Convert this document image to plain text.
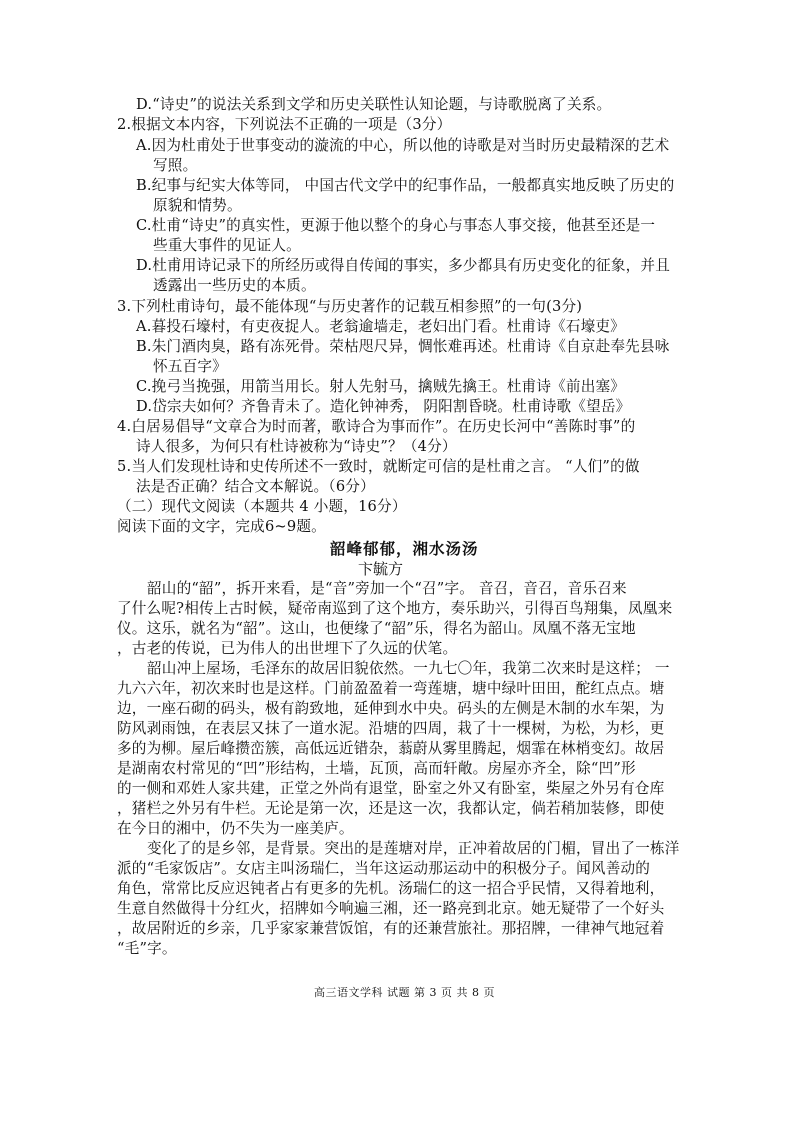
D.“诗史”的说法关系到文学和历史关联性认知论题，与诗歌脱离了关系。
2.根据文本内容，下列说法不正确的一项是（3分）
A.因为杜甫处于世事变动的漩流的中心，所以他的诗歌是对当时历史最精深的艺术
写照。
B.纪事与纪实大体等同， 中国古代文学中的纪事作品，一般都真实地反映了历史的
原貌和情势。
C.杜甫“诗史”的真实性，更源于他以整个的身心与事态人事交接，他甚至还是一
些重大事件的见证人。
D.杜甫用诗记录下的所经历或得自传闻的事实，多少都具有历史变化的征象，并且
透露出一些历史的本质。
3.下列杜甫诗句，最不能体现“与历史著作的记载互相参照”的一句(3分)
A.暮投石壕村，有吏夜捉人。老翁逾墙走，老妇出门看。杜甫诗《石壕吏》
B.朱门酒肉臭，路有冻死骨。荣枯咫尺异，惆怅难再述。杜甫诗《自京赴奉先县咏
怀五百字》
C.挽弓当挽强，用箭当用长。射人先射马，擒贼先擒王。杜甫诗《前出塞》
D.岱宗夫如何？齐鲁青未了。造化钟神秀， 阴阳割昏晓。杜甫诗歌《望岳》
4.白居易倡导“文章合为时而著，歌诗合为事而作”。在历史长河中“善陈时事”的
诗人很多，为何只有杜诗被称为“诗史”？（4分）
5.当人们发现杜诗和史传所述不一致时，就断定可信的是杜甫之言。 “人们”的做
法是否正确？结合文本解说。（6分）
（二）现代文阅读（本题共 4 小题，16分）
阅读下面的文字，完成6~9题。
韶峰郁郁，湘水汤汤
卞毓方
韶山的“韶”，拆开来看，是“音”旁加一个“召”字。 音召，音召，音乐召来
了什么呢?相传上古时候，疑帝南巡到了这个地方，奏乐助兴，引得百鸟翔集，凤凰来
仪。这乐，就名为“韶”。这山，也便缘了“韶”乐，得名为韶山。凤凰不落无宝地
，古老的传说，已为伟人的出世埋下了久远的伏笔。
韶山冲上屋场，毛泽东的故居旧貌依然。一九七〇年，我第二次来时是这样； 一
九六六年，初次来时也是这样。门前盈盈着一弯莲塘，塘中绿叶田田，酡红点点。塘
边，一座石砌的码头，极有韵致地，延伸到水中央。码头的左侧是木制的水车架，为
防风剥雨蚀，在表层又抹了一道水泥。沿塘的四周，栽了十一棵树，为松，为杉，更
多的为柳。屋后峰攒峦簇，高低远近错杂，蓊蔚从雾里腾起，烟霏在林梢变幻。故居
是湖南农村常见的“凹”形结构，土墙，瓦顶，高而轩敞。房屋亦齐全，除“凹”形
的一侧和邓姓人家共建，正堂之外尚有退堂，卧室之外又有卧室，柴屋之外另有仓库
，猪栏之外另有牛栏。无论是第一次，还是这一次，我都认定，倘若稍加装修，即使
在今日的湘中，仍不失为一座美庐。
变化了的是乡邻，是背景。突出的是莲塘对岸，正冲着故居的门楣，冒出了一栋洋
派的“毛家饭店”。女店主叫汤瑞仁，当年这运动那运动中的积极分子。闻风善动的
角色，常常比反应迟钝者占有更多的先机。汤瑞仁的这一招合乎民情，又得着地利，
生意自然做得十分红火，招牌如今响遍三湘，还一路亮到北京。她无疑带了一个好头
，故居附近的乡亲，几乎家家兼营饭馆，有的还兼营旅社。那招牌，一律神气地冠着
“毛”字。
高三语文学科 试题 第 3 页 共 8 页
